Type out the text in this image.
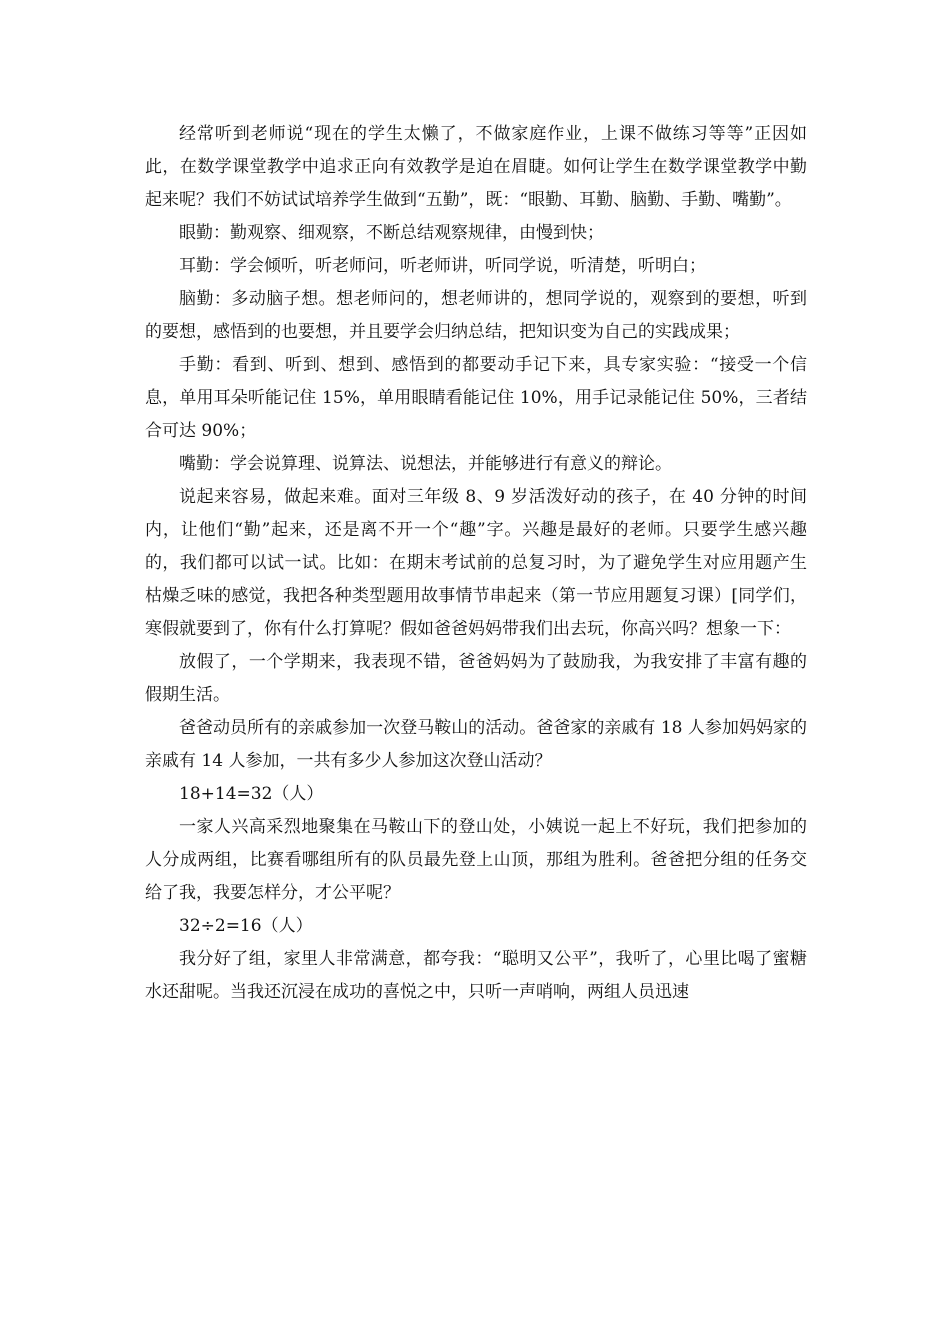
经常听到老师说“现在的学生太懒了，不做家庭作业，上课不做练习等等”正因如此，在数学课堂教学中追求正向有效教学是迫在眉睫。如何让学生在数学课堂教学中勤起来呢？我们不妨试试培养学生做到“五勤”，既：“眼勤、耳勤、脑勤、手勤、嘴勤”。

眼勤：勤观察、细观察，不断总结观察规律，由慢到快；

耳勤：学会倾听，听老师问，听老师讲，听同学说，听清楚，听明白；

脑勤：多动脑子想。想老师问的，想老师讲的，想同学说的，观察到的要想，听到的要想，感悟到的也要想，并且要学会归纳总结，把知识变为自己的实践成果；

手勤：看到、听到、想到、感悟到的都要动手记下来，具专家实验：“接受一个信息，单用耳朵听能记住 15%，单用眼睛看能记住 10%，用手记录能记住 50%，三者结合可达 90%；

嘴勤：学会说算理、说算法、说想法，并能够进行有意义的辩论。

说起来容易，做起来难。面对三年级 8、9 岁活泼好动的孩子，在 40 分钟的时间内，让他们“勤”起来，还是离不开一个“趣”字。兴趣是最好的老师。只要学生感兴趣的，我们都可以试一试。比如：在期末考试前的总复习时，为了避免学生对应用题产生枯燥乏味的感觉，我把各种类型题用故事情节串起来（第一节应用题复习课）[同学们，寒假就要到了，你有什么打算呢？假如爸爸妈妈带我们出去玩，你高兴吗？想象一下：

放假了，一个学期来，我表现不错，爸爸妈妈为了鼓励我，为我安排了丰富有趣的假期生活。

爸爸动员所有的亲戚参加一次登马鞍山的活动。爸爸家的亲戚有 18 人参加妈妈家的亲戚有 14 人参加，一共有多少人参加这次登山活动？

18+14=32（人）

一家人兴高采烈地聚集在马鞍山下的登山处，小姨说一起上不好玩，我们把参加的人分成两组，比赛看哪组所有的队员最先登上山顶，那组为胜利。爸爸把分组的任务交给了我，我要怎样分，才公平呢？

32÷2=16（人）

我分好了组，家里人非常满意，都夸我：“聪明又公平”，我听了，心里比喝了蜜糖水还甜呢。当我还沉浸在成功的喜悦之中，只听一声哨响，两组人员迅速
